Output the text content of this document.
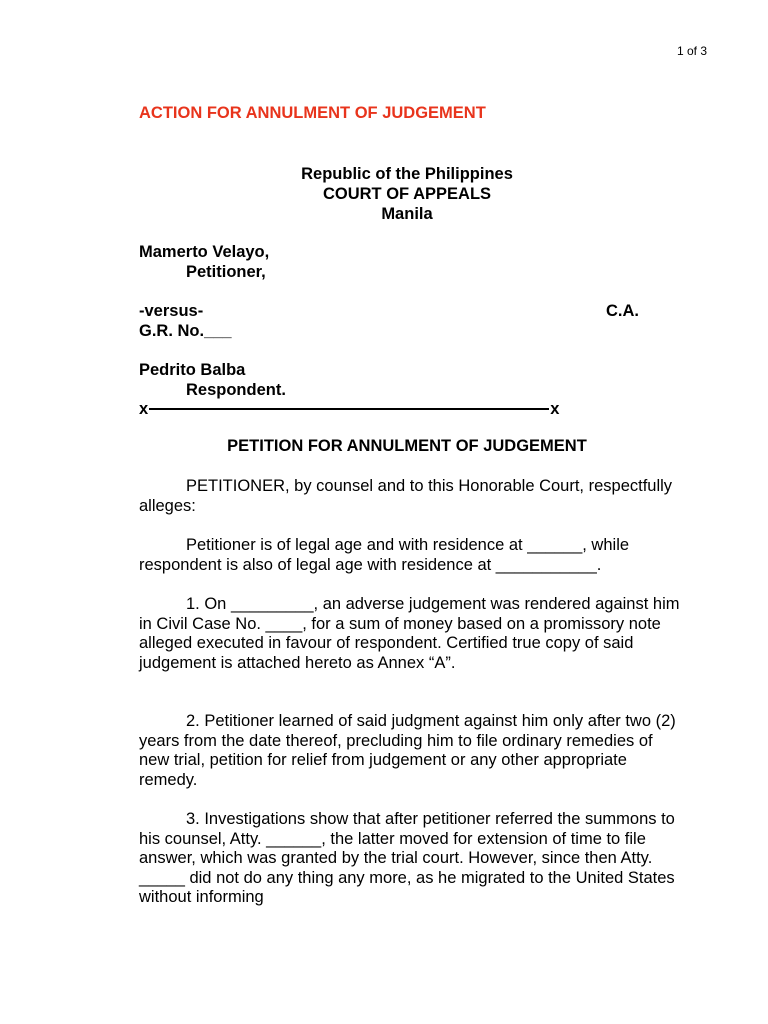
1 of 3
ACTION FOR ANNULMENT OF JUDGEMENT
Republic of the Philippines
COURT OF APPEALS
Manila
Mamerto Velayo,
Petitioner,
-versus-	C.A.
G.R. No.___
Pedrito Balba
Respondent.
x	x
PETITION FOR ANNULMENT OF JUDGEMENT
PETITIONER, by counsel and to this Honorable Court, respectfully alleges:
Petitioner is of legal age and with residence at ______, while respondent is also of legal age with residence at ___________.
1. On _________, an adverse judgement was rendered against him in Civil Case No. ____, for a sum of money based on a promissory note alleged executed in favour of respondent. Certified true copy of said judgement is attached hereto as Annex “A”.
2. Petitioner learned of said judgment against him only after two (2) years from the date thereof, precluding him to file ordinary remedies of new trial, petition for relief from judgement or any other appropriate remedy.
3. Investigations show that after petitioner referred the summons to his counsel, Atty. ______, the latter moved for extension of time to file answer, which was granted by the trial court. However, since then Atty. _____ did not do any thing any more, as he migrated to the United States without informing
